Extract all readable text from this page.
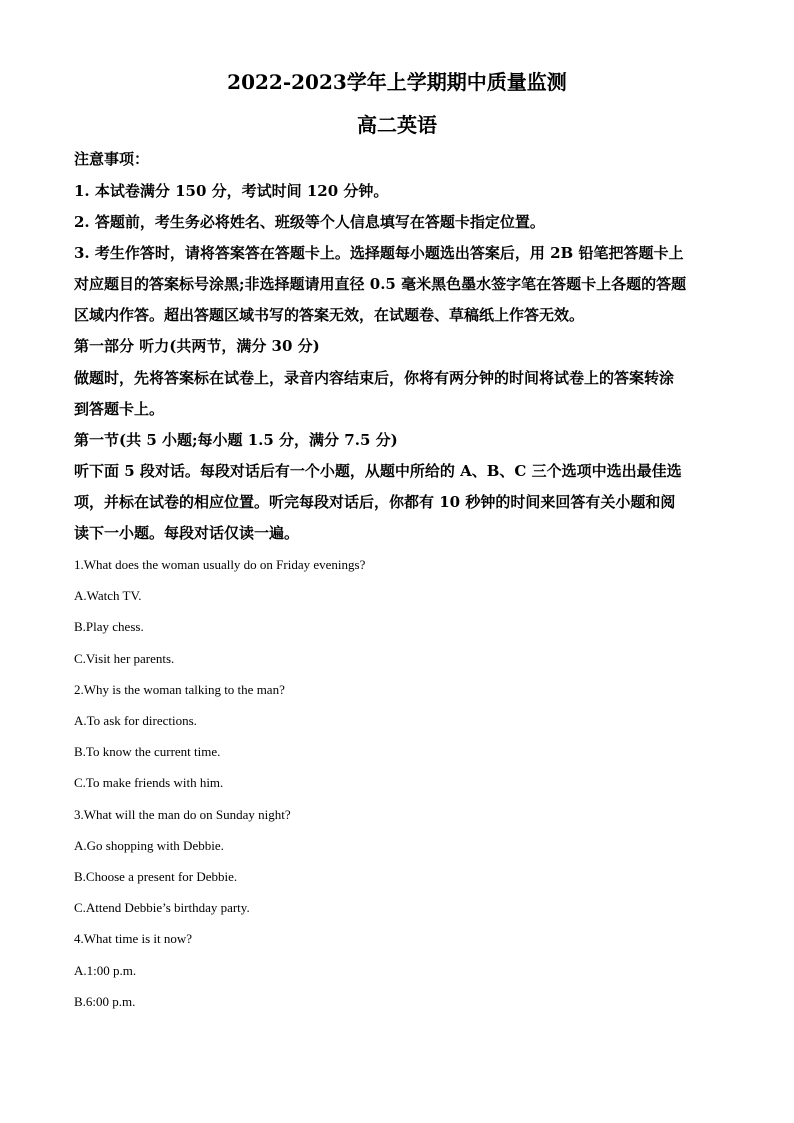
2022-2023学年上学期期中质量监测
高二英语

注意事项：

1. 本试卷满分 150 分，考试时间 120 分钟。

2. 答题前，考生务必将姓名、班级等个人信息填写在答题卡指定位置。

3. 考生作答时，请将答案答在答题卡上。选择题每小题选出答案后，用 2B 铅笔把答题卡上

对应题目的答案标号涂黑;非选择题请用直径 0.5 毫米黑色墨水签字笔在答题卡上各题的答题

区域内作答。超出答题区域书写的答案无效，在试题卷、草稿纸上作答无效。

第一部分 听力(共两节，满分 30 分)

做题时，先将答案标在试卷上，录音内容结束后，你将有两分钟的时间将试卷上的答案转涂

到答题卡上。

第一节(共 5 小题;每小题 1.5 分，满分 7.5 分)

听下面 5 段对话。每段对话后有一个小题，从题中所给的 A、B、C 三个选项中选出最佳选

项，并标在试卷的相应位置。听完每段对话后，你都有 10 秒钟的时间来回答有关小题和阅

读下一小题。每段对话仅读一遍。

1.What does the woman usually do on Friday evenings?

A.Watch TV.

B.Play chess.

C.Visit her parents.

2.Why is the woman talking to the man?

A.To ask for directions.

B.To know the current time.

C.To make friends with him.

3.What will the man do on Sunday night?

A.Go shopping with Debbie.

B.Choose a present for Debbie.

C.Attend Debbie’s birthday party.

4.What time is it now?

A.1:00 p.m.

B.6:00 p.m.
